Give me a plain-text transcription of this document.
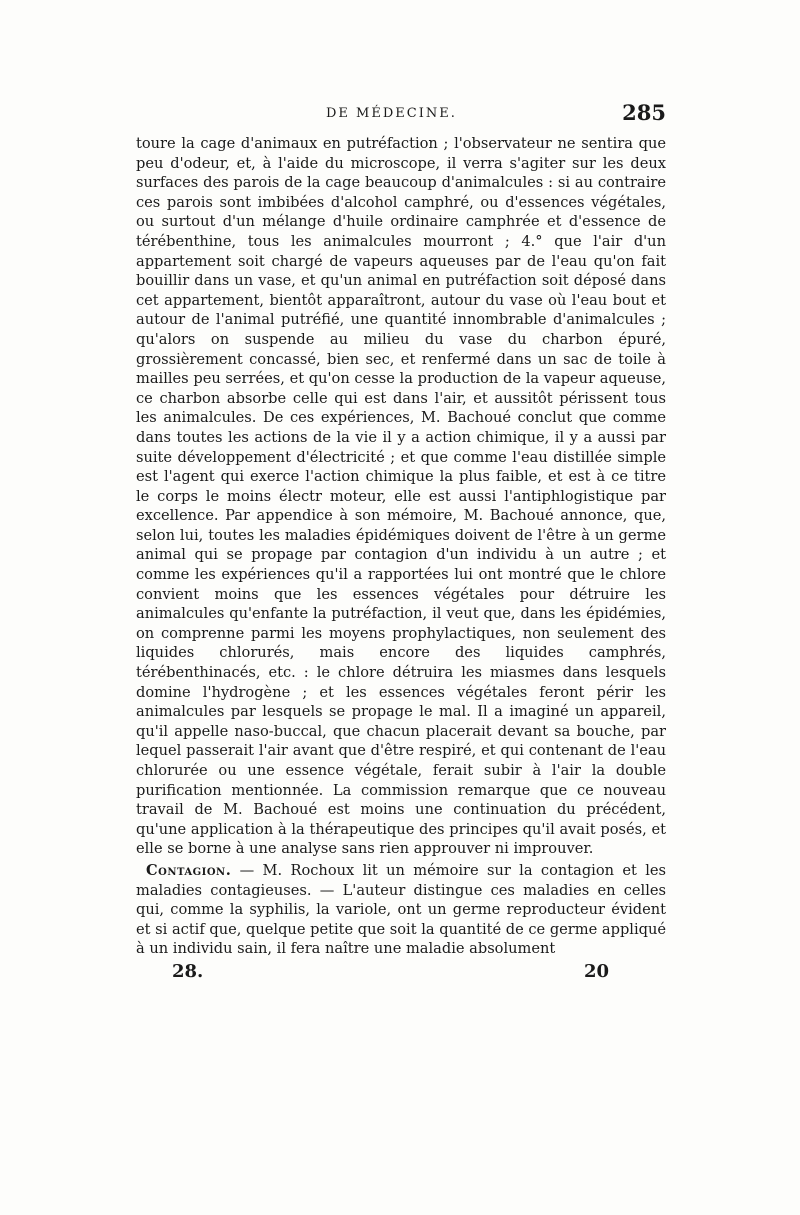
DE MÉDECINE.	285

toure la cage d'animaux en putréfaction ; l'observateur ne sentira que peu d'odeur, et, à l'aide du microscope, il verra s'agiter sur les deux surfaces des parois de la cage beaucoup d'animalcules : si au contraire ces parois sont imbibées d'alcohol camphré, ou d'essences végétales, ou surtout d'un mélange d'huile ordinaire camphrée et d'essence de térébenthine, tous les animalcules mourront ; 4.° que l'air d'un appartement soit chargé de vapeurs aqueuses par de l'eau qu'on fait bouillir dans un vase, et qu'un animal en putréfaction soit déposé dans cet appartement, bientôt apparaîtront, autour du vase où l'eau bout et autour de l'animal putréfié, une quantité innombrable d'animalcules ; qu'alors on suspende au milieu du vase du charbon épuré, grossièrement concassé, bien sec, et renfermé dans un sac de toile à mailles peu serrées, et qu'on cesse la production de la vapeur aqueuse, ce charbon absorbe celle qui est dans l'air, et aussitôt périssent tous les animalcules. De ces expériences, M. Bachoué conclut que comme dans toutes les actions de la vie il y a action chimique, il y a aussi par suite développement d'électricité ; et que comme l'eau distillée simple est l'agent qui exerce l'action chimique la plus faible, et est à ce titre le corps le moins électr moteur, elle est aussi l'antiphlogistique par excellence. Par appendice à son mémoire, M. Bachoué annonce, que, selon lui, toutes les maladies épidémiques doivent de l'être à un germe animal qui se propage par contagion d'un individu à un autre ; et comme les expériences qu'il a rapportées lui ont montré que le chlore convient moins que les essences végétales pour détruire les animalcules qu'enfante la putréfaction, il veut que, dans les épidémies, on comprenne parmi les moyens prophylactiques, non seulement des liquides chlorurés, mais encore des liquides camphrés, térébenthinacés, etc. : le chlore détruira les miasmes dans lesquels domine l'hydrogène ; et les essences végétales feront périr les animalcules par lesquels se propage le mal. Il a imaginé un appareil, qu'il appelle naso-buccal, que chacun placerait devant sa bouche, par lequel passerait l'air avant que d'être respiré, et qui contenant de l'eau chlorurée ou une essence végétale, ferait subir à l'air la double purification mentionnée. La commission remarque que ce nouveau travail de M. Bachoué est moins une continuation du précédent, qu'une application à la thérapeutique des principes qu'il avait posés, et elle se borne à une analyse sans rien approuver ni improuver.

Contagion. — M. Rochoux lit un mémoire sur la contagion et les maladies contagieuses. — L'auteur distingue ces maladies en celles qui, comme la syphilis, la variole, ont un germe reproducteur évident et si actif que, quelque petite que soit la quantité de ce germe appliqué à un individu sain, il fera naître une maladie absolument

28.	20
